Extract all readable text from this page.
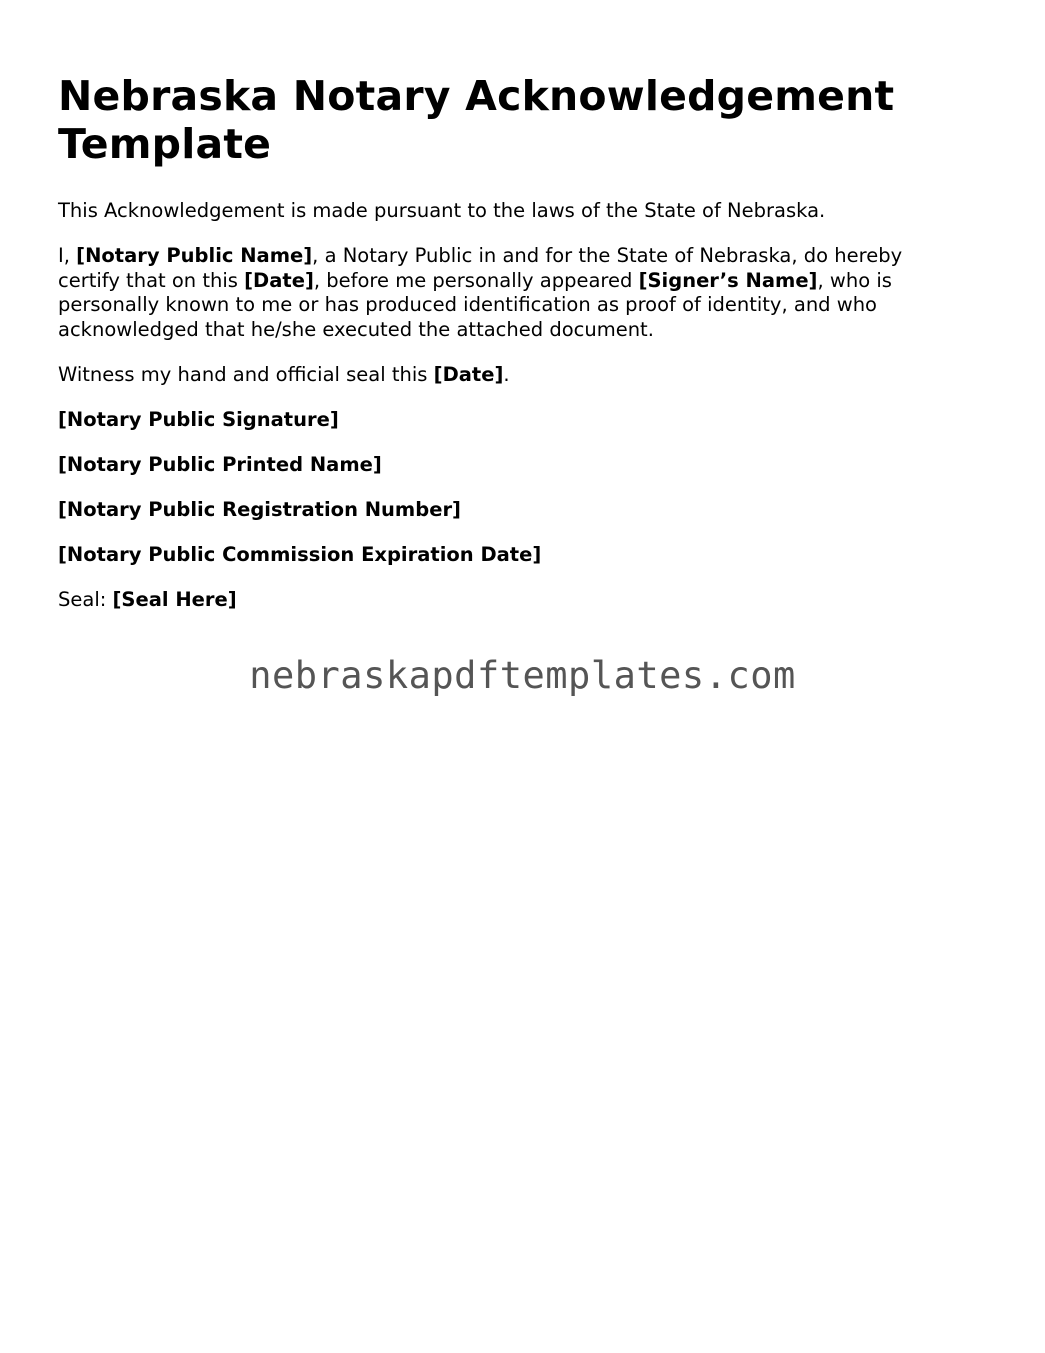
Nebraska Notary Acknowledgement Template

This Acknowledgement is made pursuant to the laws of the State of Nebraska.

I, [Notary Public Name], a Notary Public in and for the State of Nebraska, do hereby certify that on this [Date], before me personally appeared [Signer’s Name], who is personally known to me or has produced identification as proof of identity, and who acknowledged that he/she executed the attached document.

Witness my hand and official seal this [Date].

[Notary Public Signature]

[Notary Public Printed Name]

[Notary Public Registration Number]

[Notary Public Commission Expiration Date]

Seal: [Seal Here]

nebraskapdftemplates.com
